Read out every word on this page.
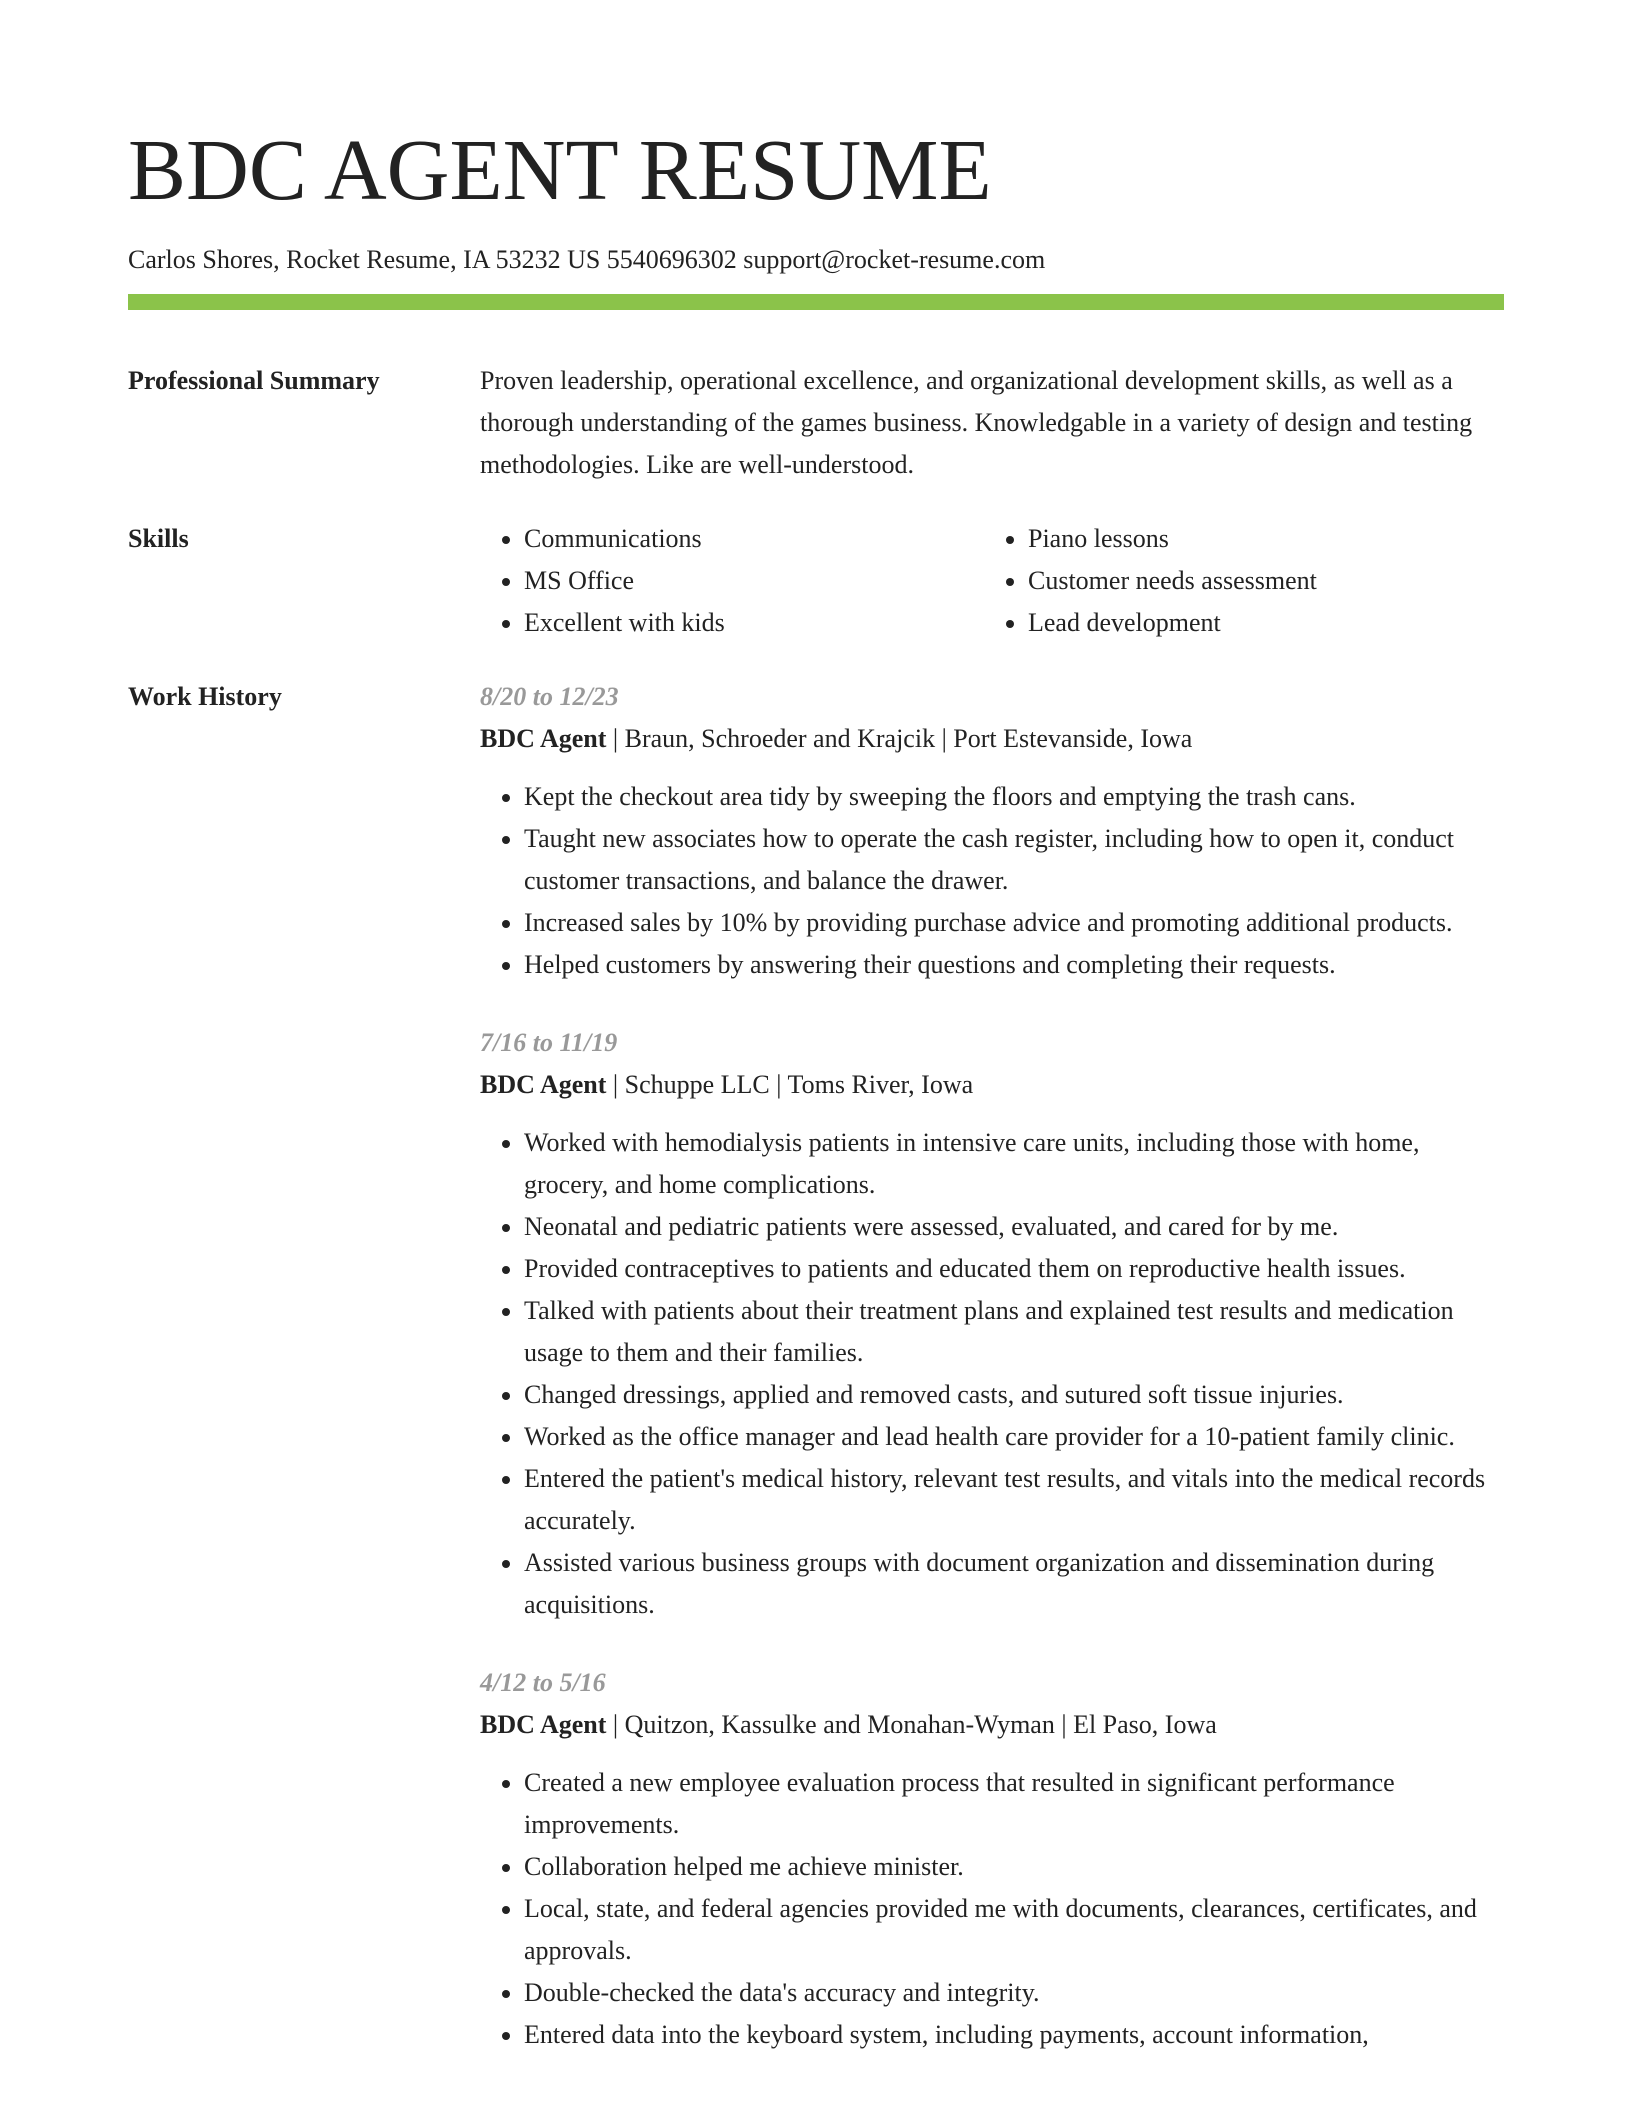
BDC AGENT RESUME
Carlos Shores, Rocket Resume, IA 53232 US 5540696302 support@rocket-resume.com
Professional Summary	Proven leadership, operational excellence, and organizational development skills, as well as a thorough understanding of the games business. Knowledgable in a variety of design and testing methodologies. Like are well-understood.

Skills
•	Communications
• MS Office
• Excellent with kids
• Piano lessons
• Customer needs assessment
• Lead development
Work History	8/20 to 12/23
BDC Agent | Braun, Schroeder and Krajcik | Port Estevanside, Iowa
• Kept the checkout area tidy by sweeping the floors and emptying the trash cans.
• Taught new associates how to operate the cash register, including how to open it, conduct customer transactions, and balance the drawer.
• Increased sales by 10% by providing purchase advice and promoting additional products.
• Helped customers by answering their questions and completing their requests.
7/16 to 11/19
BDC Agent | Schuppe LLC | Toms River, Iowa
• Worked with hemodialysis patients in intensive care units, including those with home, grocery, and home complications.
• Neonatal and pediatric patients were assessed, evaluated, and cared for by me.
• Provided contraceptives to patients and educated them on reproductive health issues.
• Talked with patients about their treatment plans and explained test results and medication usage to them and their families.
• Changed dressings, applied and removed casts, and sutured soft tissue injuries.
• Worked as the office manager and lead health care provider for a 10-patient family clinic.
• Entered the patient's medical history, relevant test results, and vitals into the medical records accurately.
• Assisted various business groups with document organization and dissemination during acquisitions.
4/12 to 5/16
BDC Agent | Quitzon, Kassulke and Monahan-Wyman | El Paso, Iowa
• Created a new employee evaluation process that resulted in significant performance improvements.
• Collaboration helped me achieve minister.
• Local, state, and federal agencies provided me with documents, clearances, certificates, and approvals.
• Double-checked the data's accuracy and integrity.
• Entered data into the keyboard system, including payments, account information,
